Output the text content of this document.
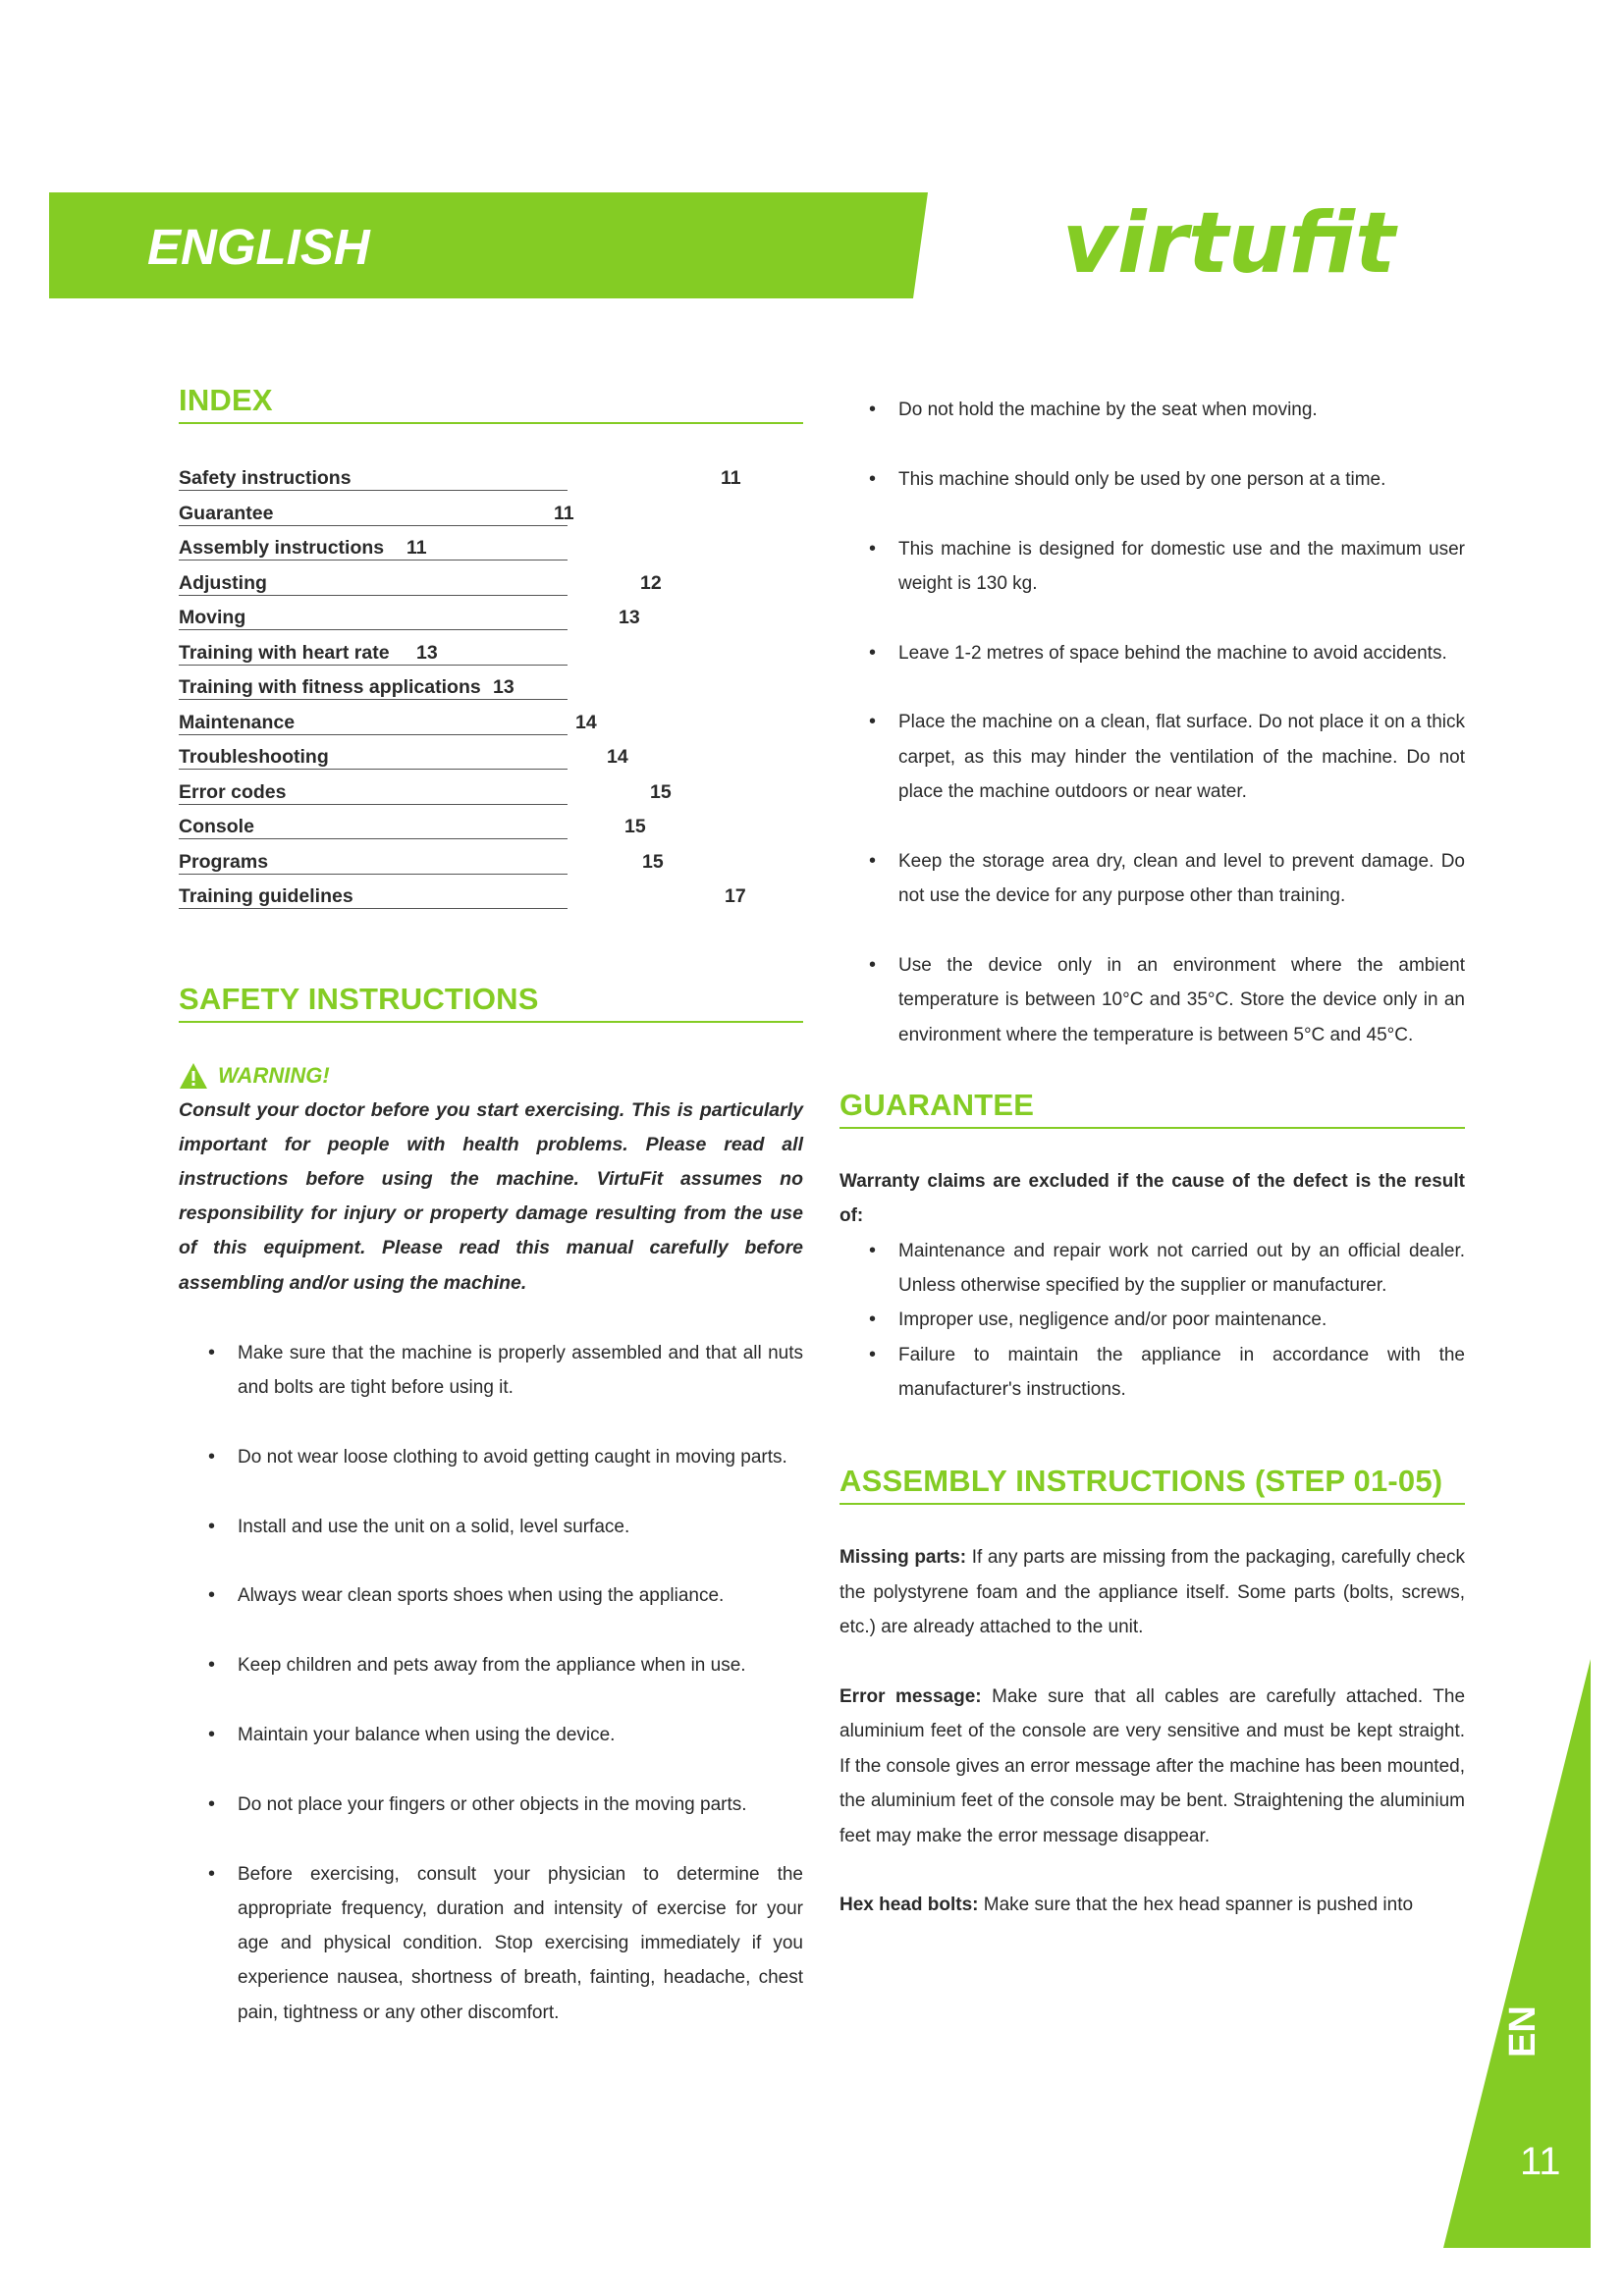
ENGLISH	virtufit
INDEX
Safety instructions	11
Guarantee	11
Assembly instructions 11
Adjusting	12
Moving	13
Training with heart rate 13
Training with fitness applications 13
Maintenance	14
Troubleshooting	14
Error codes	15
Console	15
Programs	15
Training guidelines	17
SAFETY INSTRUCTIONS
WARNING!
Consult your doctor before you start exercising. This is particularly important for people with health problems. Please read all instructions before using the machine. VirtuFit assumes no responsibility for injury or property damage resulting from the use of this equipment. Please read this manual carefully before assembling and/or using the machine.
• Make sure that the machine is properly assembled and that all nuts and bolts are tight before using it.
• Do not wear loose clothing to avoid getting caught in moving parts.
• Install and use the unit on a solid, level surface.
• Always wear clean sports shoes when using the appliance.
• Keep children and pets away from the appliance when in use.
• Maintain your balance when using the device.
• Do not place your fingers or other objects in the moving parts.
• Before exercising, consult your physician to determine the appropriate frequency, duration and intensity of exercise for your age and physical condition. Stop exercising immediately if you experience nausea, shortness of breath, fainting, headache, chest pain, tightness or any other discomfort.
• Do not hold the machine by the seat when moving.
• This machine should only be used by one person at a time.
• This machine is designed for domestic use and the maximum user weight is 130 kg.
• Leave 1-2 metres of space behind the machine to avoid accidents.
• Place the machine on a clean, flat surface. Do not place it on a thick carpet, as this may hinder the ventilation of the machine. Do not place the machine outdoors or near water.
• Keep the storage area dry, clean and level to prevent damage. Do not use the device for any purpose other than training.
• Use the device only in an environment where the ambient temperature is between 10°C and 35°C. Store the device only in an environment where the temperature is between 5°C and 45°C.
GUARANTEE

Warranty claims are excluded if the cause of the defect is the result of:

• Maintenance and repair work not carried out by an official dealer. Unless otherwise specified by the supplier or manufacturer.
• Improper use, negligence and/or poor maintenance.
• Failure to maintain the appliance in accordance with the manufacturer's instructions.
ASSEMBLY INSTRUCTIONS (STEP 01-05)

Missing parts: If any parts are missing from the packaging, carefully check the polystyrene foam and the appliance itself. Some parts (bolts, screws, etc.) are already attached to the unit.

Error message: Make sure that all cables are carefully attached. The aluminium feet of the console are very sensitive and must be kept straight. If the console gives an error message after the machine has been mounted, the aluminium feet of the console may be bent. Straightening the aluminium feet may make the error message disappear.

Hex head bolts: Make sure that the hex head spanner is pushed into

EN
11
